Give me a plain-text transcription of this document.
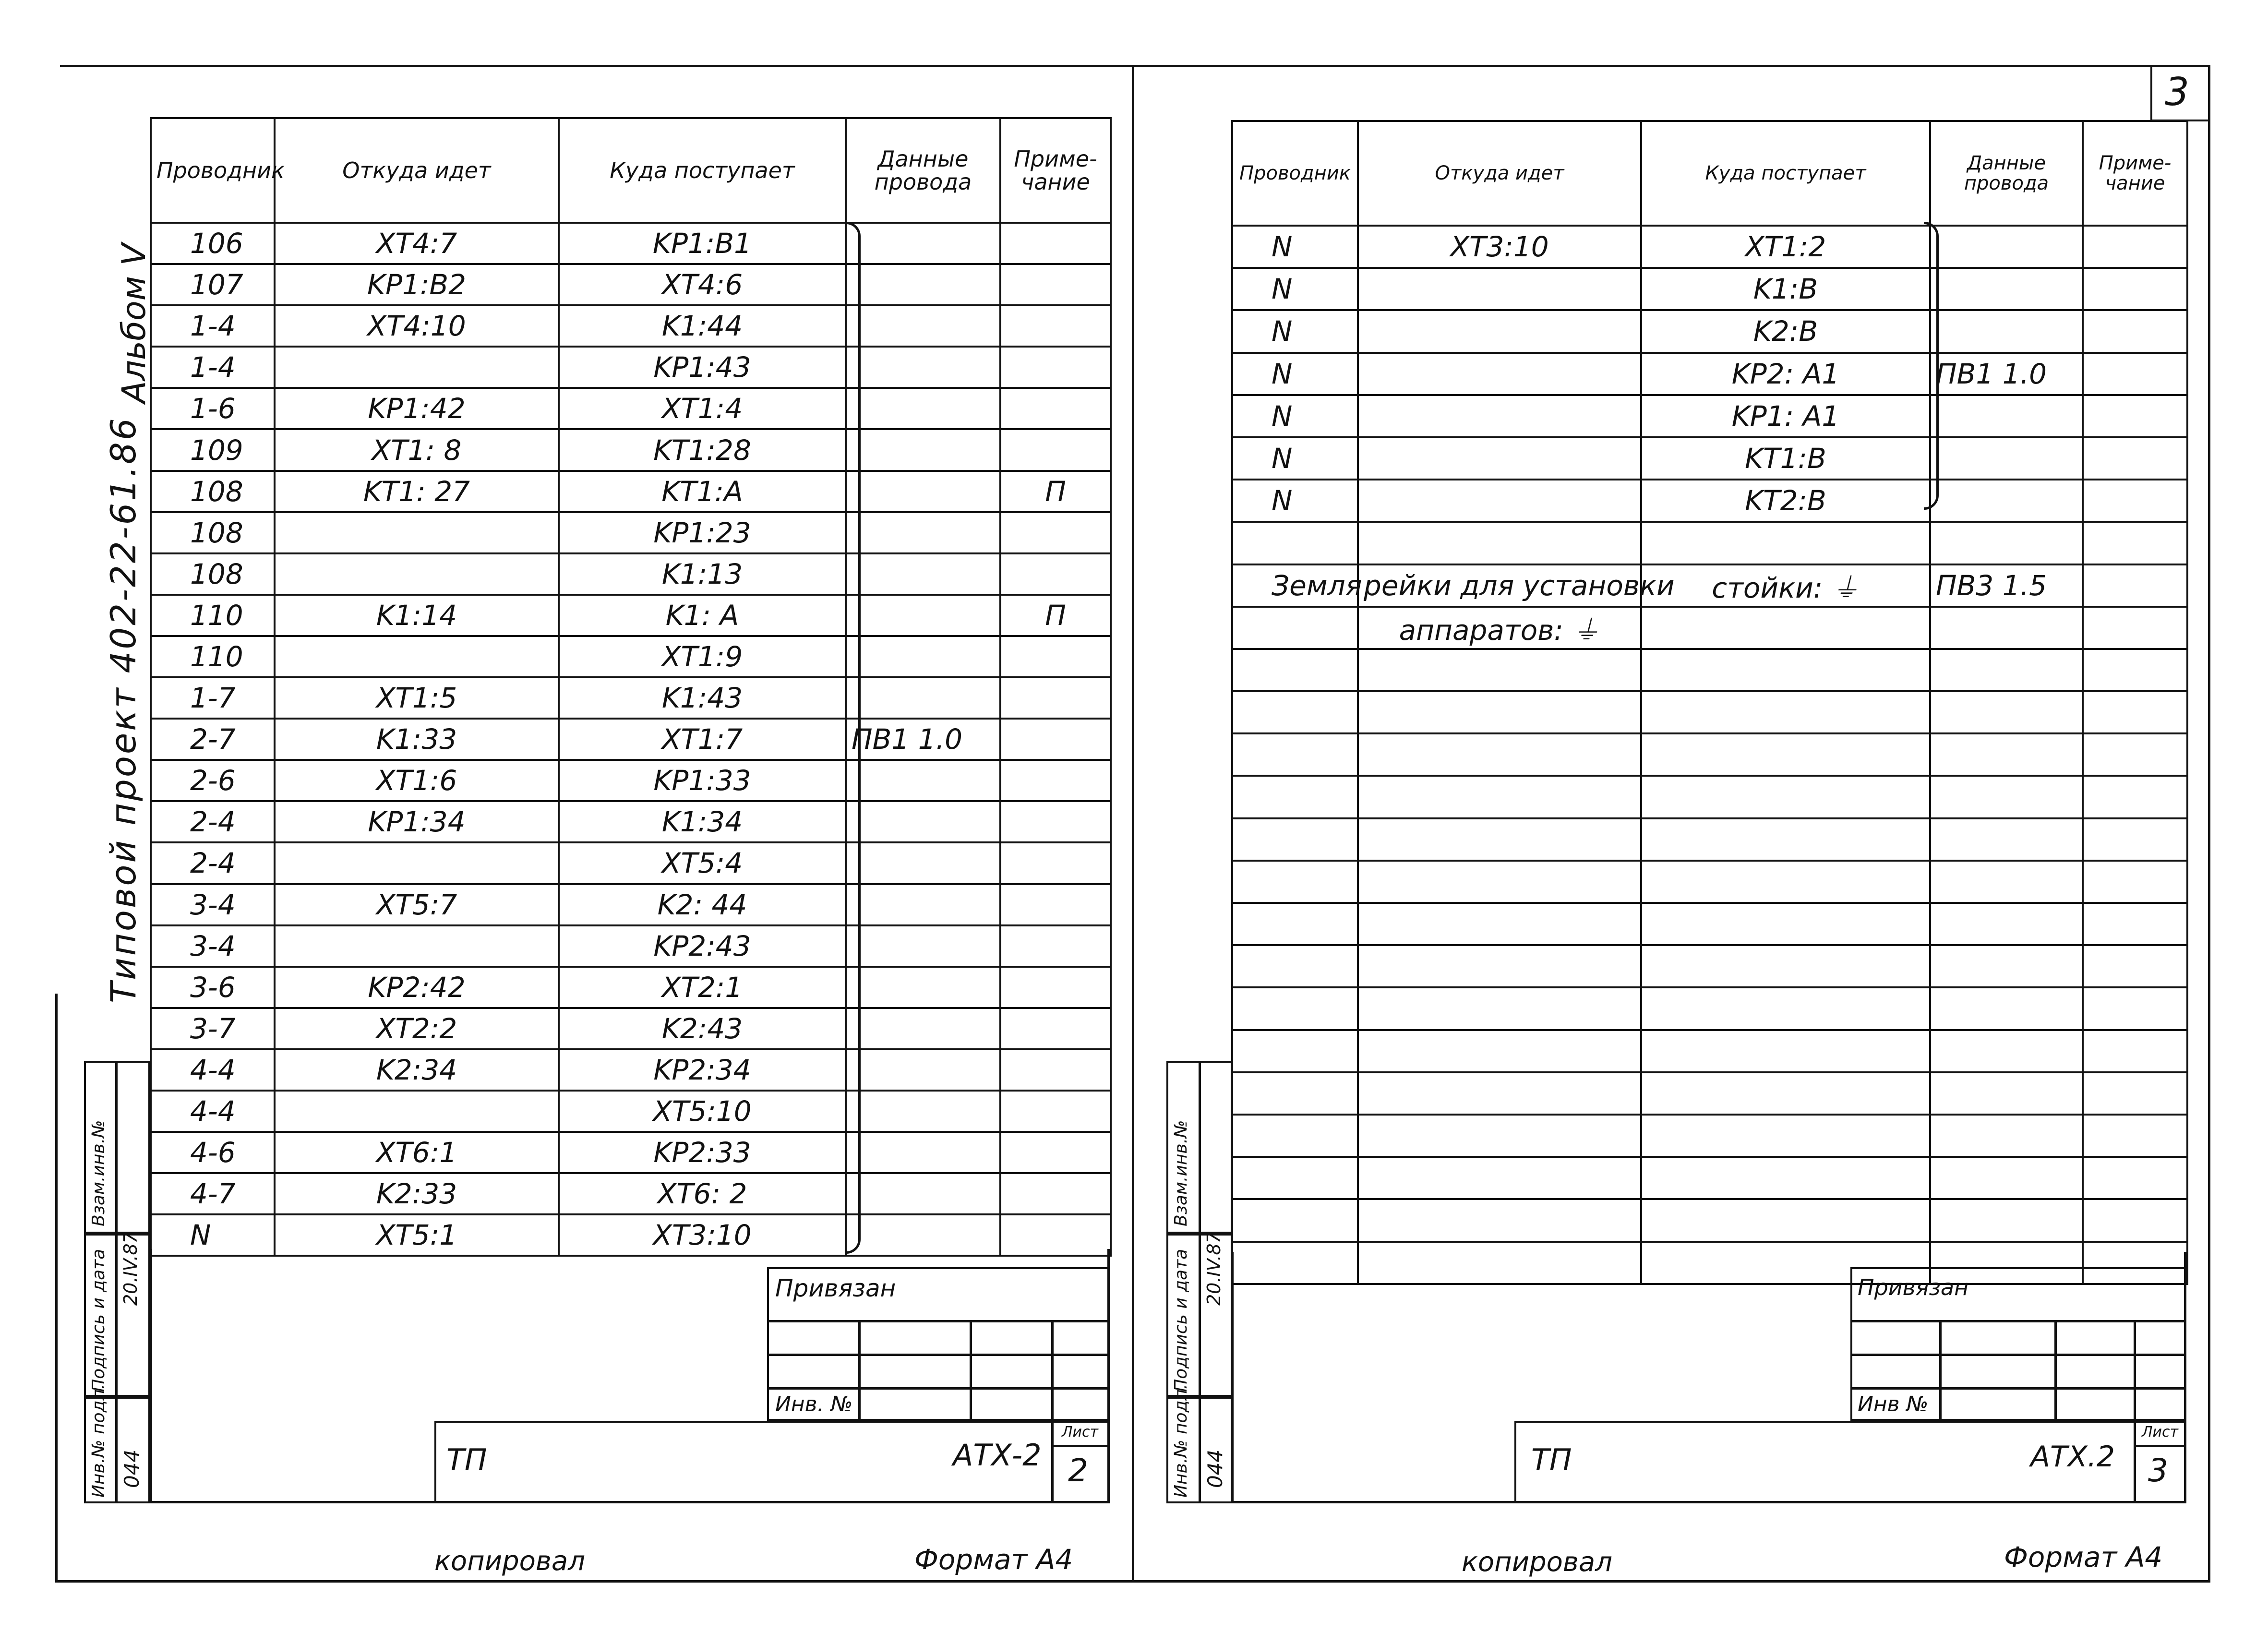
Альбом V
Типовой проект 402-22-61.86
Проводник	Откуда идет	Куда поступает	Данные провода	Приме-чание
106	XT4:7	KP1:B1		
107	KP1:B2	XT4:6		
1-4	XT4:10	K1:44		
1-4		KP1:43		
1-6	KP1:42	XT1:4		
109	XT1: 8	KT1:28		
108	KT1: 27	KT1:A		П
108		KP1:23		
108		K1:13		
110	K1:14	K1: A		П
110		XT1:9		
1-7	XT1:5	K1:43		
2-7	K1:33	XT1:7	ПВ1 1.0	
2-6	XT1:6	KP1:33		
2-4	KP1:34	K1:34		
2-4		XT5:4		
3-4	XT5:7	K2: 44		
3-4		KP2:43		
3-6	KP2:42	XT2:1		
3-7	XT2:2	K2:43		
4-4	K2:34	KP2:34		
4-4		XT5:10		
4-6	XT6:1	KP2:33		
4-7	K2:33	XT6: 2		
N	XT5:1	XT3:10		
Взам.инв.№
Подпись и дата 20.IV.87
Инв.№ подл. 044
Привязан
Инв. №
ТП	АТХ-2
Лист
2
копировал	Формат А4
3
Проводник	Откуда идет	Куда поступает	Данные провода	Приме-чание
N	XT3:10	XT1:2		
N		K1:B		
N		K2:B		
N		KP2: A1	ПВ1 1.0	
N		KP1: A1		
N		KT1:B		
N		KT2:B		

Земля	рейки для установки	стойки: ⏚	ПВ3 1.5	
	аппаратов: ⏚			

Взам.инв.№
Подпись и дата 20.IV.87
Инв.№ подл. 044
Привязан
Инв №
ТП	АТХ.2
Лист
3
копировал	Формат А4
